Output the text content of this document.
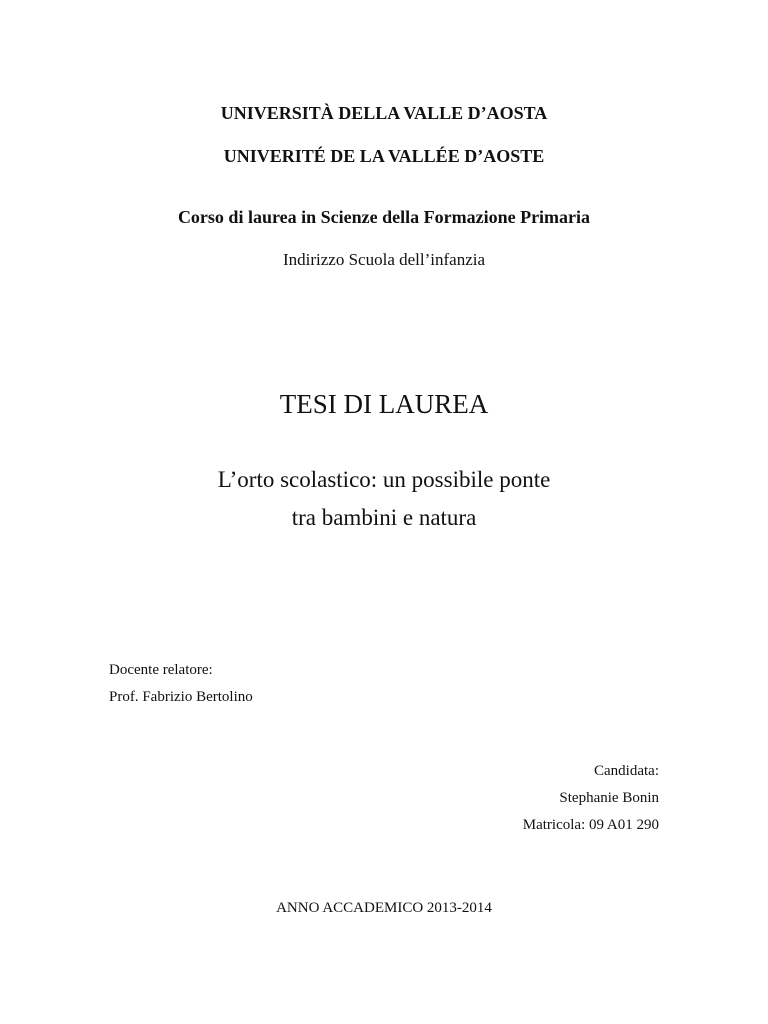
UNIVERSITÀ DELLA VALLE D’AOSTA
UNIVERITÉ DE LA VALLÉE D’AOSTE
Corso di laurea in Scienze della Formazione Primaria
Indirizzo Scuola dell’infanzia
TESI DI LAUREA
L’orto scolastico: un possibile ponte
tra bambini e natura
Docente relatore:
Prof. Fabrizio Bertolino
Candidata:
Stephanie Bonin
Matricola: 09 A01 290
ANNO ACCADEMICO 2013-2014
